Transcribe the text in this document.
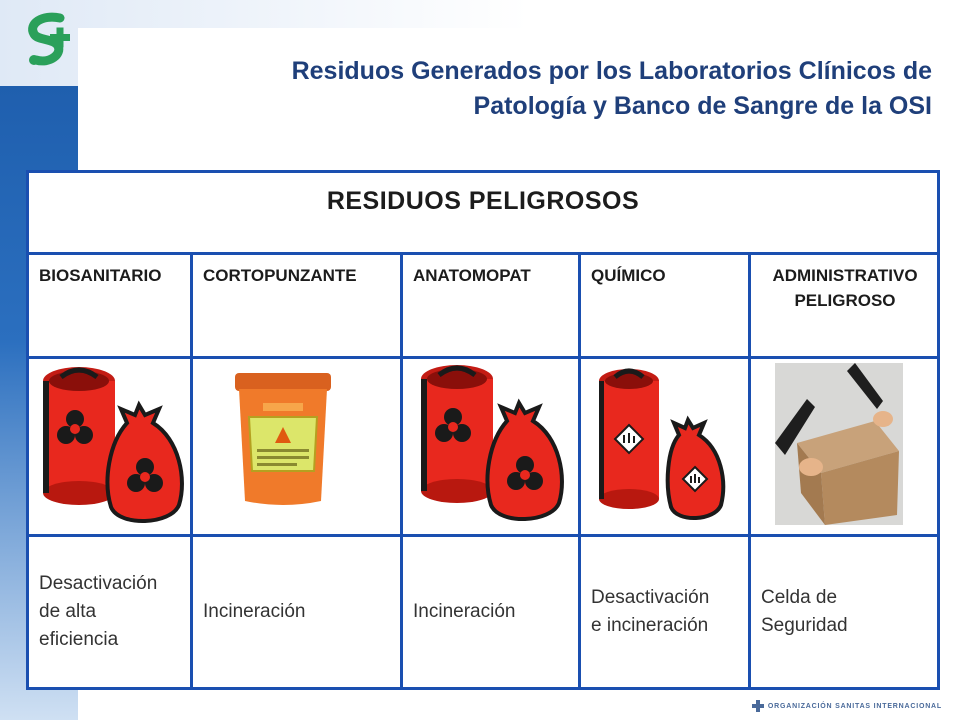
Residuos Generados por los Laboratorios Clínicos de
Patología y Banco de Sangre de la OSI
RESIDUOS PELIGROSOS
BIOSANITARIO
Desactivación
de alta
eficiencia
CORTOPUNZANTE
Incineración
ANATOMOPAT
Incineración
QUÍMICO
Desactivación
e incineración
ADMINISTRATIVO
PELIGROSO
Celda de
Seguridad
ORGANIZACIÓN SANITAS INTERNACIONAL
